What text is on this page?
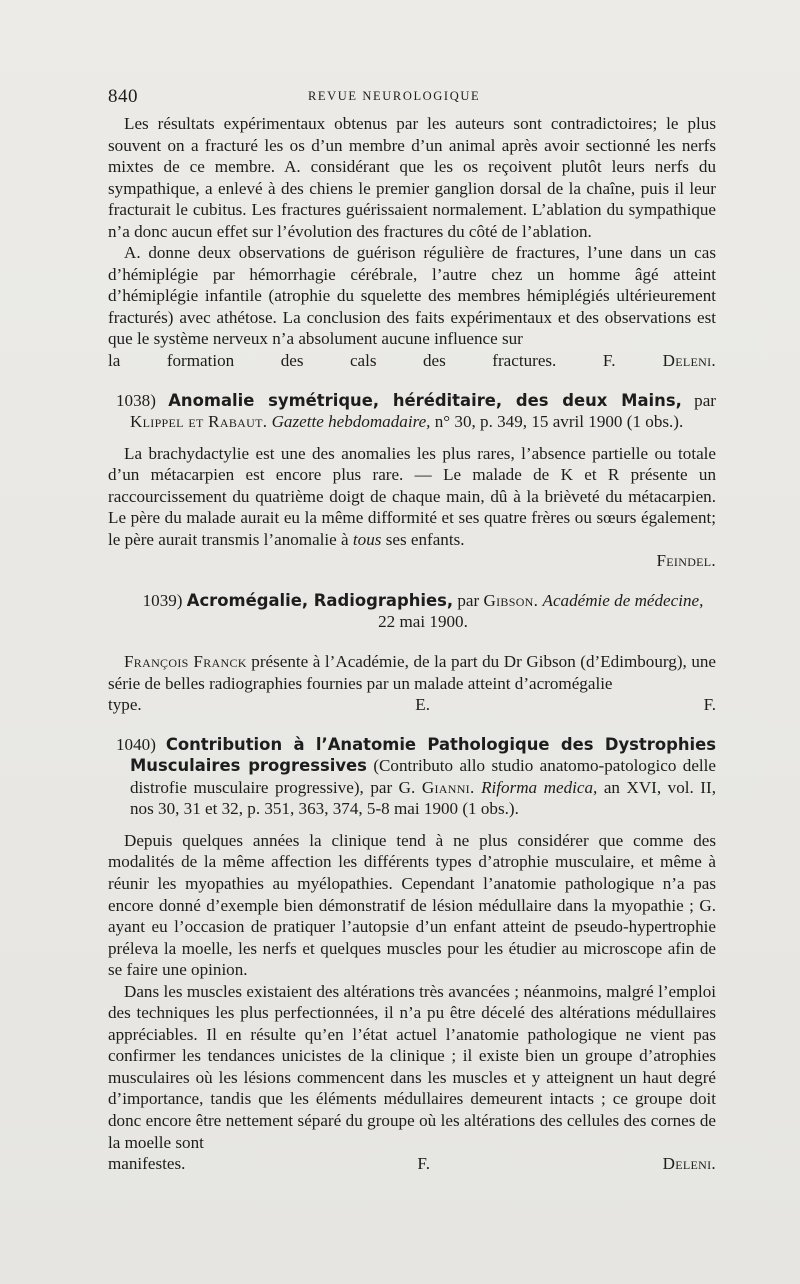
840	REVUE NEUROLOGIQUE

Les résultats expérimentaux obtenus par les auteurs sont contradictoires; le plus souvent on a fracturé les os d’un membre d’un animal après avoir sectionné les nerfs mixtes de ce membre. A. considérant que les os reçoivent plutôt leurs nerfs du sympathique, a enlevé à des chiens le premier ganglion dorsal de la chaîne, puis il leur fracturait le cubitus. Les fractures guérissaient normalement. L’ablation du sympathique n’a donc aucun effet sur l’évolution des fractures du côté de l’ablation.

A. donne deux observations de guérison régulière de fractures, l’une dans un cas d’hémiplégie par hémorrhagie cérébrale, l’autre chez un homme âgé atteint d’hémiplégie infantile (atrophie du squelette des membres hémiplégiés ultérieurement fracturés) avec athétose. La conclusion des faits expérimentaux et des observations est que le système nerveux n’a absolument aucune influence sur

la formation des cals des fractures.	F. Deleni.
1038) Anomalie symétrique, héréditaire, des deux Mains, par Klippel et Rabaut. Gazette hebdomadaire, n° 30, p. 349, 15 avril 1900 (1 obs.).

La brachydactylie est une des anomalies les plus rares, l’absence partielle ou totale d’un métacarpien est encore plus rare. — Le malade de K et R présente un raccourcissement du quatrième doigt de chaque main, dû à la brièveté du métacarpien. Le père du malade aurait eu la même difformité et ses quatre frères ou sœurs également; le père aurait transmis l’anomalie à tous ses enfants.

Feindel.

1039) Acromégalie, Radiographies, par Gibson. Académie de médecine,
22 mai 1900.

François Franck présente à l’Académie, de la part du Dr Gibson (d’Edimbourg), une série de belles radiographies fournies par un malade atteint d’acromégalie

type.	E. F.
1040) Contribution à l’Anatomie Pathologique des Dystrophies Musculaires progressives (Contributo allo studio anatomo-patologico delle distrofie musculaire progressive), par G. Gianni. Riforma medica, an XVI, vol. II, nos 30, 31 et 32, p. 351, 363, 374, 5-8 mai 1900 (1 obs.).

Depuis quelques années la clinique tend à ne plus considérer que comme des modalités de la même affection les différents types d’atrophie musculaire, et même à réunir les myopathies au myélopathies. Cependant l’anatomie pathologique n’a pas encore donné d’exemple bien démonstratif de lésion médullaire dans la myopathie ; G. ayant eu l’occasion de pratiquer l’autopsie d’un enfant atteint de pseudo-hypertrophie préleva la moelle, les nerfs et quelques muscles pour les étudier au microscope afin de se faire une opinion.

Dans les muscles existaient des altérations très avancées ; néanmoins, malgré l’emploi des techniques les plus perfectionnées, il n’a pu être décelé des altérations médullaires appréciables. Il en résulte qu’en l’état actuel l’anatomie pathologique ne vient pas confirmer les tendances unicistes de la clinique ; il existe bien un groupe d’atrophies musculaires où les lésions commencent dans les muscles et y atteignent un haut degré d’importance, tandis que les éléments médullaires demeurent intacts ; ce groupe doit donc encore être nettement séparé du groupe où les altérations des cellules des cornes de la moelle sont

manifestes.	F. Deleni.
